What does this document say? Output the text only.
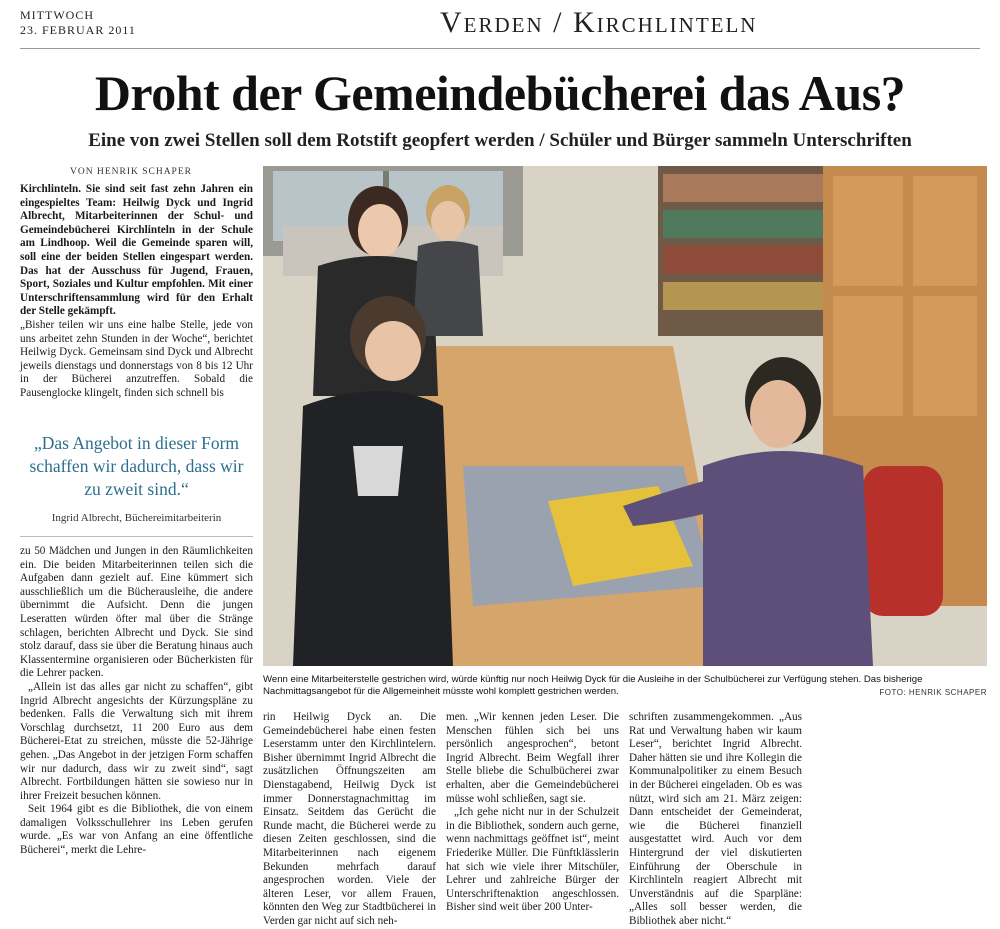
MITTWOCH
23. FEBRUAR 2011	Verden / Kirchlinteln
Droht der Gemeindebücherei das Aus?
Eine von zwei Stellen soll dem Rotstift geopfert werden / Schüler und Bürger sammeln Unterschriften
VON HENRIK SCHAPER

Kirchlinteln. Sie sind seit fast zehn Jahren ein eingespieltes Team: Heilwig Dyck und Ingrid Albrecht, Mitarbeiterinnen der Schul- und Gemeindebücherei Kirchlinteln in der Schule am Lindhoop. Weil die Gemeinde sparen will, soll eine der beiden Stellen eingespart werden. Das hat der Ausschuss für Jugend, Frauen, Sport, Soziales und Kultur empfohlen. Mit einer Unterschriftensammlung wird für den Erhalt der Stelle gekämpft.

„Bisher teilen wir uns eine halbe Stelle, jede von uns arbeitet zehn Stunden in der Woche“, berichtet Heilwig Dyck. Gemeinsam sind Dyck und Albrecht jeweils dienstags und donnerstags von 8 bis 12 Uhr in der Bücherei anzutreffen. Sobald die Pausenglocke klingelt, finden sich schnell bis

„Das Angebot in dieser Form schaffen wir dadurch, dass wir zu zweit sind.“
Ingrid Albrecht, Büchereimitarbeiterin

zu 50 Mädchen und Jungen in den Räumlichkeiten ein. Die beiden Mitarbeiterinnen teilen sich die Aufgaben dann gezielt auf. Eine kümmert sich ausschließlich um die Bücherausleihe, die andere übernimmt die Aufsicht. Denn die jungen Leseratten würden öfter mal über die Stränge schlagen, berichten Albrecht und Dyck. Sie sind stolz darauf, dass sie über die Beratung hinaus auch Klassentermine organisieren oder Bücherkisten für die Lehrer packen.

„Allein ist das alles gar nicht zu schaffen“, gibt Ingrid Albrecht angesichts der Kürzungspläne zu bedenken. Falls die Verwaltung sich mit ihrem Vorschlag durchsetzt, 11 200 Euro aus dem Bücherei-Etat zu streichen, müsste die 52-Jährige gehen. „Das Angebot in der jetzigen Form schaffen wir nur dadurch, dass wir zu zweit sind“, sagt Albrecht. Fortbildungen hätten sie sowieso nur in ihrer Freizeit besuchen können.

Seit 1964 gibt es die Bibliothek, die von einem damaligen Volksschullehrer ins Leben gerufen wurde. „Es war von Anfang an eine öffentliche Bücherei“, merkt die Lehre-

Wenn eine Mitarbeiterstelle gestrichen wird, würde künftig nur noch Heilwig Dyck für die Ausleihe in der Schulbücherei zur Verfügung stehen. Das bisherige Nachmittagsangebot für die Allgemeinheit müsste wohl komplett gestrichen werden.	FOTO: HENRIK SCHAPER

rin Heilwig Dyck an. Die Gemeindebücherei habe einen festen Leserstamm unter den Kirchlintelern. Bisher übernimmt Ingrid Albrecht die zusätzlichen Öffnungszeiten am Dienstagabend, Heilwig Dyck ist immer Donnerstagnachmittag im Einsatz. Seitdem das Gerücht die Runde macht, die Bücherei werde zu diesen Zeiten geschlossen, sind die Mitarbeiterinnen nach eigenem Bekunden mehrfach darauf angesprochen worden. Viele der älteren Leser, vor allem Frauen, könnten den Weg zur Stadtbücherei in Verden gar nicht auf sich neh-

men. „Wir kennen jeden Leser. Die Menschen fühlen sich bei uns persönlich angesprochen“, betont Ingrid Albrecht. Beim Wegfall ihrer Stelle bliebe die Schulbücherei zwar erhalten, aber die Gemeindebücherei müsse wohl schließen, sagt sie.

„Ich gehe nicht nur in der Schulzeit in die Bibliothek, sondern auch gerne, wenn nachmittags geöffnet ist“, meint Friederike Müller. Die Fünftklässlerin hat sich wie viele ihrer Mitschüler, Lehrer und zahlreiche Bürger der Unterschriftenaktion angeschlossen. Bisher sind weit über 200 Unter-

schriften zusammengekommen. „Aus Rat und Verwaltung haben wir kaum Leser“, berichtet Ingrid Albrecht. Daher hätten sie und ihre Kollegin die Kommunalpolitiker zu einem Besuch in der Bücherei eingeladen. Ob es was nützt, wird sich am 21. März zeigen: Dann entscheidet der Gemeinderat, wie die Bücherei finanziell ausgestattet wird. Auch vor dem Hintergrund der viel diskutierten Einführung der Oberschule in Kirchlinteln reagiert Albrecht mit Unverständnis auf die Sparpläne: „Alles soll besser werden, die Bibliothek aber nicht.“
